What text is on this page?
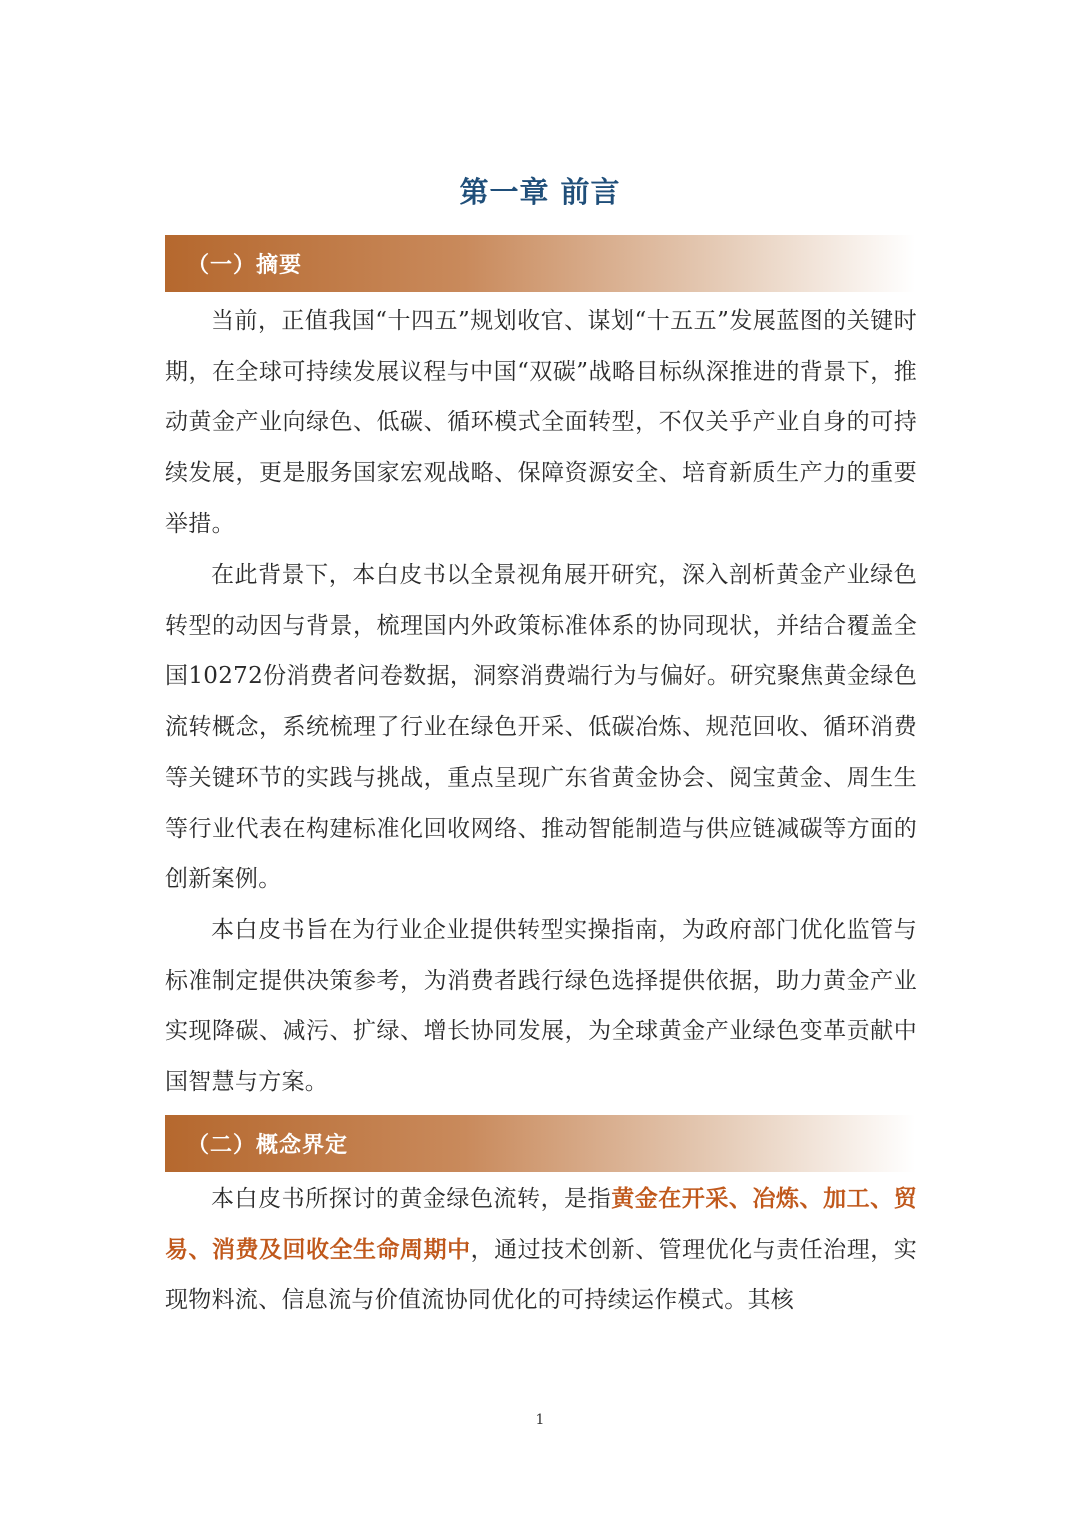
第一章 前言
（一）摘要

当前，正值我国“十四五”规划收官、谋划“十五五”发展蓝图的关键时期，在全球可持续发展议程与中国“双碳”战略目标纵深推进的背景下，推动黄金产业向绿色、低碳、循环模式全面转型，不仅关乎产业自身的可持续发展，更是服务国家宏观战略、保障资源安全、培育新质生产力的重要举措。

在此背景下，本白皮书以全景视角展开研究，深入剖析黄金产业绿色转型的动因与背景，梳理国内外政策标准体系的协同现状，并结合覆盖全国10272份消费者问卷数据，洞察消费端行为与偏好。研究聚焦黄金绿色流转概念，系统梳理了行业在绿色开采、低碳冶炼、规范回收、循环消费等关键环节的实践与挑战，重点呈现广东省黄金协会、阅宝黄金、周生生等行业代表在构建标准化回收网络、推动智能制造与供应链减碳等方面的创新案例。

本白皮书旨在为行业企业提供转型实操指南，为政府部门优化监管与标准制定提供决策参考，为消费者践行绿色选择提供依据，助力黄金产业实现降碳、减污、扩绿、增长协同发展，为全球黄金产业绿色变革贡献中国智慧与方案。

（二）概念界定

本白皮书所探讨的黄金绿色流转，是指黄金在开采、冶炼、加工、贸易、消费及回收全生命周期中，通过技术创新、管理优化与责任治理，实现物料流、信息流与价值流协同优化的可持续运作模式。其核

1
